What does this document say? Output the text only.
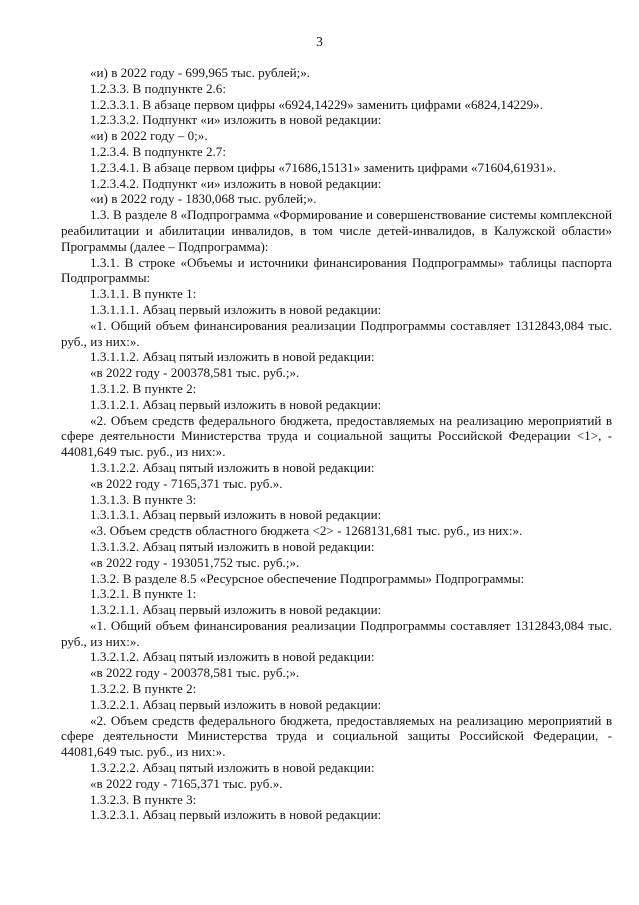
3
«и) в 2022 году - 699,965 тыс. рублей;».
1.2.3.3. В подпункте 2.6:
1.2.3.3.1. В абзаце первом цифры «6924,14229» заменить цифрами «6824,14229».
1.2.3.3.2. Подпункт «и» изложить в новой редакции:
«и) в 2022 году – 0;».
1.2.3.4. В подпункте 2.7:
1.2.3.4.1. В абзаце первом цифры «71686,15131» заменить цифрами «71604,61931».
1.2.3.4.2. Подпункт «и» изложить в новой редакции:
«и) в 2022 году - 1830,068 тыс. рублей;».
1.3. В разделе 8 «Подпрограмма «Формирование и совершенствование системы комплексной реабилитации и абилитации инвалидов, в том числе детей-инвалидов, в Калужской области» Программы (далее – Подпрограмма):
1.3.1. В строке «Объемы и источники финансирования Подпрограммы» таблицы паспорта Подпрограммы:
1.3.1.1. В пункте 1:
1.3.1.1.1. Абзац первый изложить в новой редакции:
«1. Общий объем финансирования реализации Подпрограммы составляет 1312843,084 тыс. руб., из них:».
1.3.1.1.2. Абзац пятый изложить в новой редакции:
«в 2022 году - 200378,581 тыс. руб.;».
1.3.1.2. В пункте 2:
1.3.1.2.1. Абзац первый изложить в новой редакции:
«2. Объем средств федерального бюджета, предоставляемых на реализацию мероприятий в сфере деятельности Министерства труда и социальной защиты Российской Федерации <1>, - 44081,649 тыс. руб., из них:».
1.3.1.2.2. Абзац пятый изложить в новой редакции:
«в 2022 году - 7165,371 тыс. руб.».
1.3.1.3. В пункте 3:
1.3.1.3.1. Абзац первый изложить в новой редакции:
«3. Объем средств областного бюджета <2> - 1268131,681 тыс. руб., из них:».
1.3.1.3.2. Абзац пятый изложить в новой редакции:
«в 2022 году - 193051,752 тыс. руб.;».
1.3.2. В разделе 8.5 «Ресурсное обеспечение Подпрограммы» Подпрограммы:
1.3.2.1. В пункте 1:
1.3.2.1.1. Абзац первый изложить в новой редакции:
«1. Общий объем финансирования реализации Подпрограммы составляет 1312843,084 тыс. руб., из них:».
1.3.2.1.2. Абзац пятый изложить в новой редакции:
«в 2022 году - 200378,581 тыс. руб.;».
1.3.2.2. В пункте 2:
1.3.2.2.1. Абзац первый изложить в новой редакции:
«2. Объем средств федерального бюджета, предоставляемых на реализацию мероприятий в сфере деятельности Министерства труда и социальной защиты Российской Федерации, - 44081,649 тыс. руб., из них:».
1.3.2.2.2. Абзац пятый изложить в новой редакции:
«в 2022 году - 7165,371 тыс. руб.».
1.3.2.3. В пункте 3:
1.3.2.3.1. Абзац первый изложить в новой редакции:
